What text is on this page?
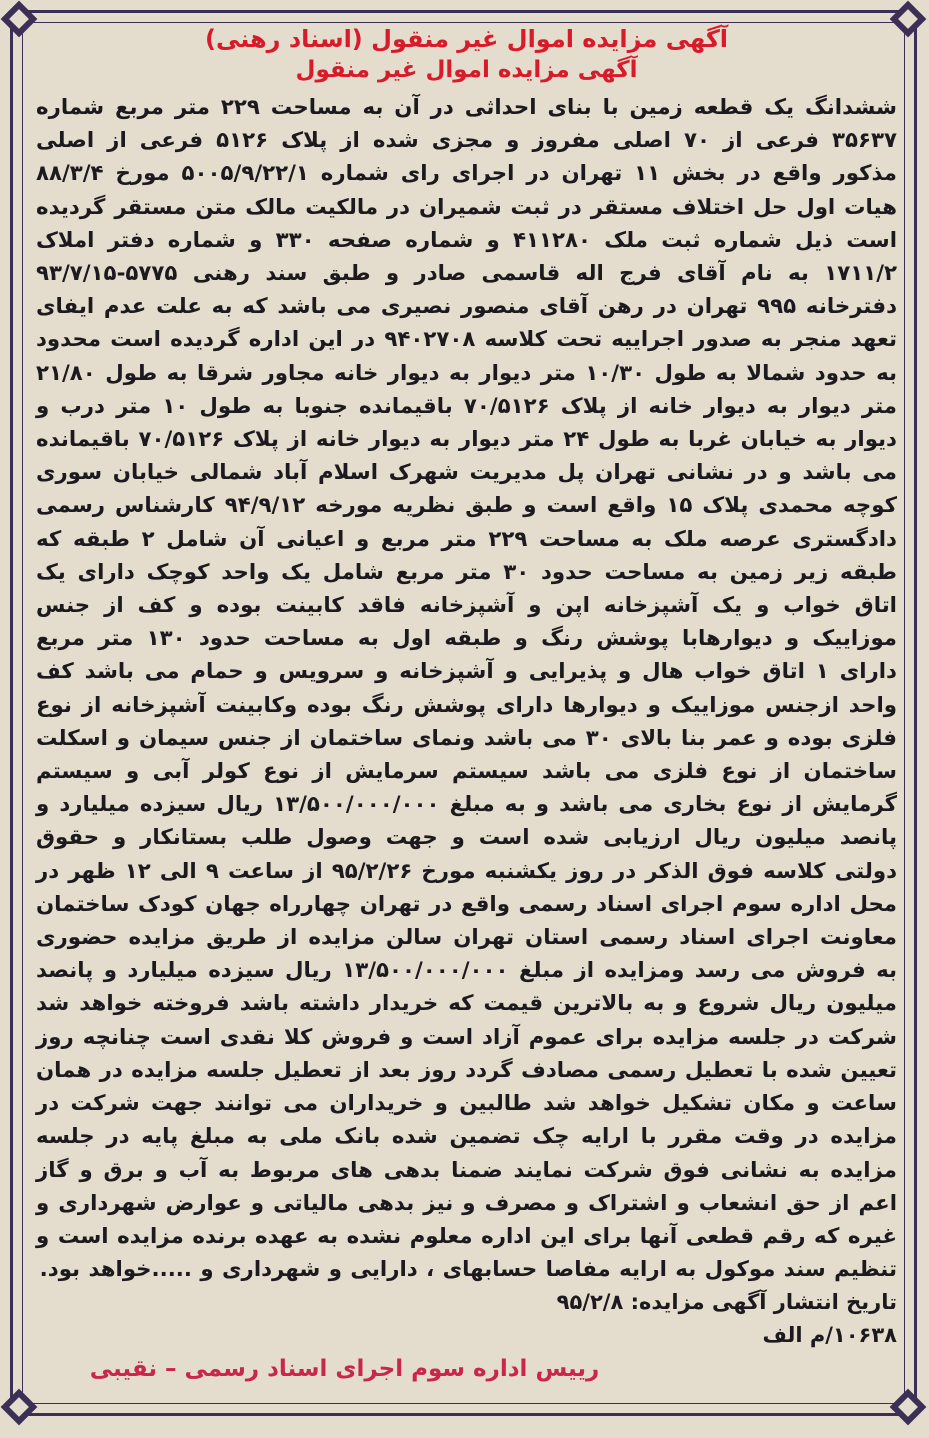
آگهی مزایده اموال غیر منقول (اسناد رهنی)
آگهی مزایده اموال غیر منقول

ششدانگ یک قطعه زمین با بنای احداثی در آن به مساحت ۲۲۹ متر مربع شماره ۳۵۶۳۷ فرعی از ۷۰ اصلی مفروز و مجزی شده از پلاک ۵۱۲۶ فرعی از اصلی مذکور واقع در بخش ۱۱ تهران در اجرای رای شماره ۵۰۰۵/۹/۲۲/۱ مورخ ۸۸/۳/۴ هیات اول حل اختلاف مستقر در ثبت شمیران در مالکیت مالک متن مستقر گردیده است ذیل شماره ثبت ملک ۴۱۱۲۸۰ و شماره صفحه ۳۳۰ و شماره دفتر املاک ۱۷۱۱/۲ به نام آقای فرج اله قاسمی صادر و طبق سند رهنی ۵۷۷۵-۹۳/۷/۱۵ دفترخانه ۹۹۵ تهران در رهن آقای منصور نصیری می باشد که به علت عدم ایفای تعهد منجر به صدور اجراییه تحت کلاسه ۹۴۰۲۷۰۸ در این اداره گردیده است محدود به حدود شمالا به طول ۱۰/۳۰ متر دیوار به دیوار خانه مجاور شرقا به طول ۲۱/۸۰ متر دیوار به دیوار خانه از پلاک ۷۰/۵۱۲۶ باقیمانده جنوبا به طول ۱۰ متر درب و دیوار به خیابان غربا به طول ۲۴ متر دیوار به دیوار خانه از پلاک ۷۰/۵۱۲۶ باقیمانده می باشد و در نشانی تهران پل مدیریت شهرک اسلام آباد شمالی خیابان سوری کوچه محمدی پلاک ۱۵ واقع است و طبق نظریه مورخه ۹۴/۹/۱۲ کارشناس رسمی دادگستری عرصه ملک به مساحت ۲۲۹ متر مربع و اعیانی آن شامل ۲ طبقه که طبقه زیر زمین به مساحت حدود ۳۰ متر مربع شامل یک واحد کوچک دارای یک اتاق خواب و یک آشپزخانه اپن و آشپزخانه فاقد کابینت بوده و کف از جنس موزاییک و دیوارهابا پوشش رنگ و طبقه اول به مساحت حدود ۱۳۰ متر مربع دارای ۱ اتاق خواب هال و پذیرایی و آشپزخانه و سرویس و حمام می باشد کف واحد ازجنس موزاییک و دیوارها دارای پوشش رنگ بوده وکابینت آشپزخانه از نوع فلزی بوده و عمر بنا بالای ۳۰ می باشد ونمای ساختمان از جنس سیمان و اسکلت ساختمان از نوع فلزی می باشد سیستم سرمایش از نوع کولر آبی و سیستم گرمایش از نوع بخاری می باشد و به مبلغ ۱۳/۵۰۰/۰۰۰/۰۰۰ ریال سیزده میلیارد و پانصد میلیون ریال ارزیابی شده است و جهت وصول طلب بستانکار و حقوق دولتی کلاسه فوق الذکر در روز یکشنبه مورخ ۹۵/۲/۲۶ از ساعت ۹ الی ۱۲ ظهر در محل اداره سوم اجرای اسناد رسمی واقع در تهران چهارراه جهان کودک ساختمان معاونت اجرای اسناد رسمی استان تهران سالن مزایده از طریق مزایده حضوری به فروش می رسد ومزایده از مبلغ ۱۳/۵۰۰/۰۰۰/۰۰۰ ریال سیزده میلیارد و پانصد میلیون ریال شروع و به بالاترین قیمت که خریدار داشته باشد فروخته خواهد شد شرکت در جلسه مزایده برای عموم آزاد است و فروش کلا نقدی است چنانچه روز تعیین شده با تعطیل رسمی مصادف گردد روز بعد از تعطیل جلسه مزایده در همان ساعت و مکان تشکیل خواهد شد طالبین و خریداران می توانند جهت شرکت در مزایده در وقت مقرر با ارایه چک تضمین شده بانک ملی به مبلغ پایه در جلسه مزایده به نشانی فوق شرکت نمایند ضمنا بدهی های مربوط به آب و برق و گاز اعم از حق انشعاب و اشتراک و مصرف و نیز بدهی مالیاتی و عوارض شهرداری و غیره که رقم قطعی آنها برای این اداره معلوم نشده به عهده برنده مزایده است و تنظیم سند موکول به ارایه مفاصا حسابهای ، دارایی و شهرداری و .....خواهد بود.

تاریخ انتشار آگهی مزایده: ۹۵/۲/۸

۱۰۶۳۸/م الف

رییس اداره سوم اجرای اسناد رسمی – نقیبی
